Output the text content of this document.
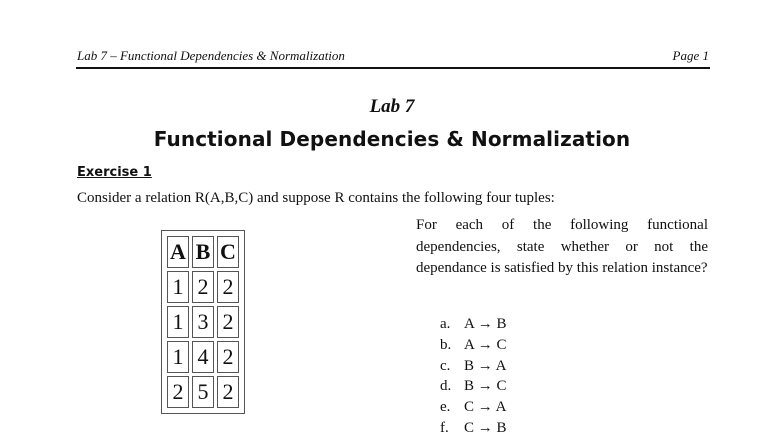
Lab 7 – Functional Dependencies & Normalization	Page 1
Lab 7
Functional Dependencies & Normalization
Exercise 1
Consider a relation R(A,B,C) and suppose R contains the following four tuples:
A	B	C
1	2	2
1	3	2
1	4	2
2	5	2
For each of the following functional dependencies, state whether or not the dependance is satisfied by this relation instance?
a. A → B
b. A → C
c. B → A
d. B → C
e. C → A
f.	C → B
